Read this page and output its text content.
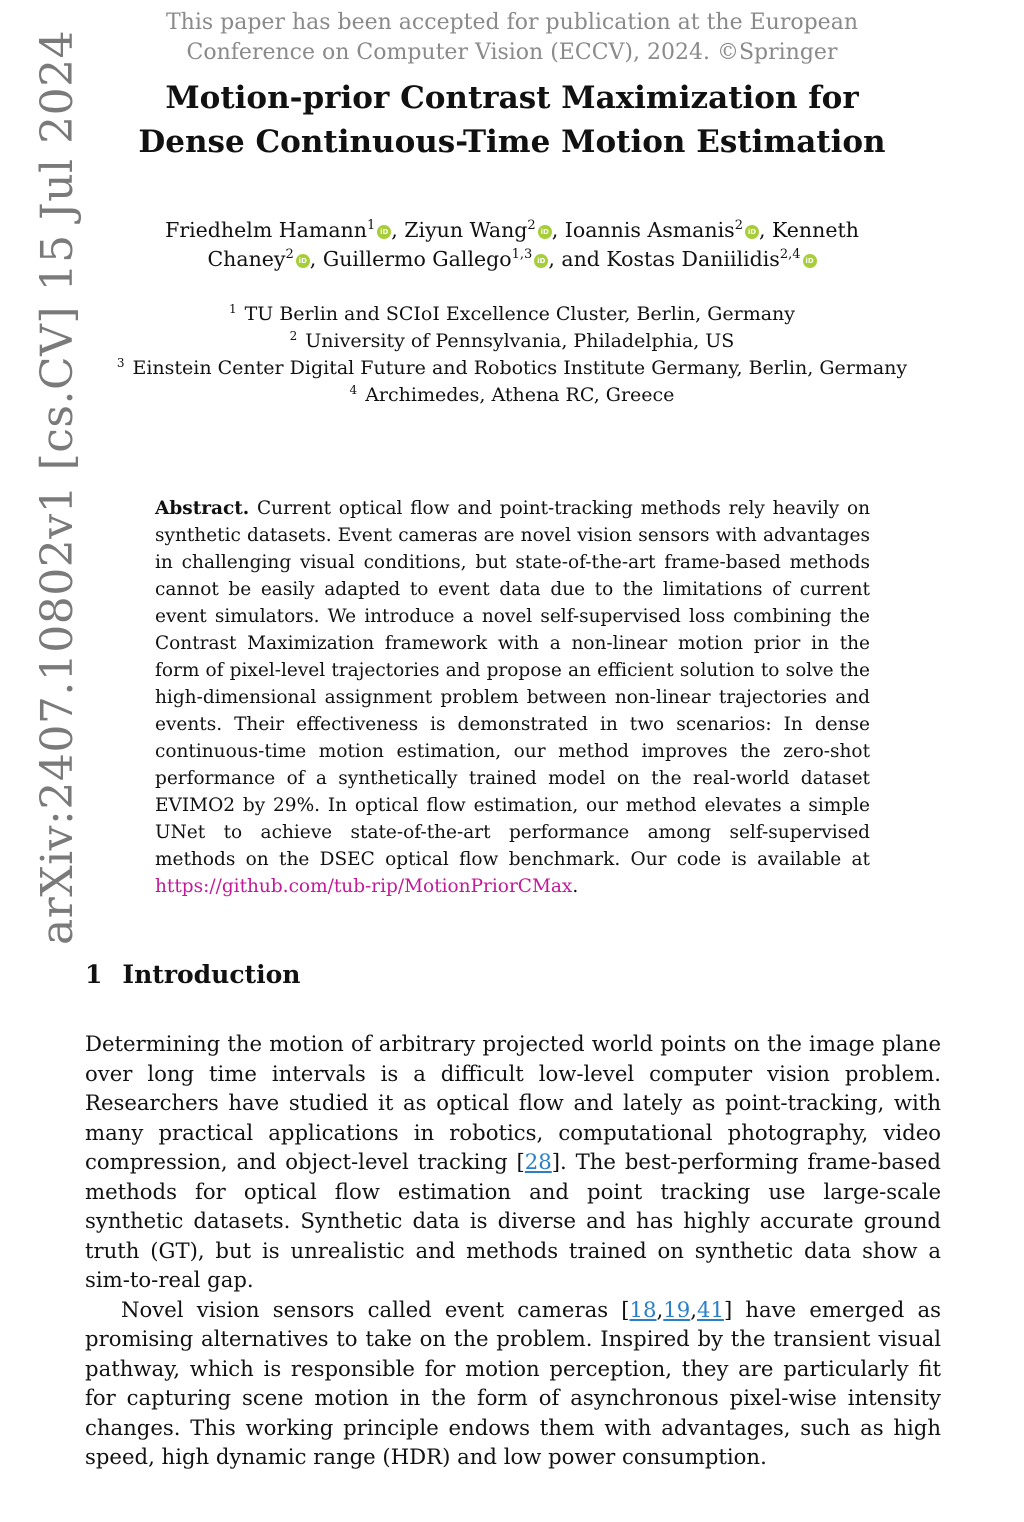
This paper has been accepted for publication at the European
Conference on Computer Vision (ECCV), 2024. ©Springer
arXiv:2407.10802v1 [cs.CV] 15 Jul 2024	Motion-prior Contrast Maximization for
Dense Continuous-Time Motion Estimation
Friedhelm Hamann$^1$ iD , Ziyun Wang$^2$ iD , Ioannis Asmanis$^2$ iD , Kenneth
Chaney$^2$ iD , Guillermo Gallego$^{1,3}$ iD , and Kostas Daniilidis$^{2,4}$ iD
$^1$ TU Berlin and SCIoI Excellence Cluster, Berlin, Germany
$^2$ University of Pennsylvania, Philadelphia, US
$^3$ Einstein Center Digital Future and Robotics Institute Germany, Berlin, Germany
$^4$ Archimedes, Athena RC, Greece

Abstract. Current optical flow and point-tracking methods rely heavily on synthetic datasets. Event cameras are novel vision sensors with advantages in challenging visual conditions, but state-of-the-art frame-based methods cannot be easily adapted to event data due to the limitations of current event simulators. We introduce a novel self-supervised loss combining the Contrast Maximization framework with a non-linear motion prior in the form of pixel-level trajectories and propose an efficient solution to solve the high-dimensional assignment problem between non-linear trajectories and events. Their effectiveness is demonstrated in two scenarios: In dense continuous-time motion estimation, our method improves the zero-shot performance of a synthetically trained model on the real-world dataset EVIMO2 by 29%. In optical flow estimation, our method elevates a simple UNet to achieve state-of-the-art performance among self-supervised methods on the DSEC optical flow benchmark. Our code is available at https://github.com/tub-rip/MotionPriorCMax.

1 Introduction

Determining the motion of arbitrary projected world points on the image plane over long time intervals is a difficult low-level computer vision problem. Researchers have studied it as optical flow and lately as point-tracking, with many practical applications in robotics, computational photography, video compression, and object-level tracking [28]. The best-performing frame-based methods for optical flow estimation and point tracking use large-scale synthetic datasets. Synthetic data is diverse and has highly accurate ground truth (GT), but is unrealistic and methods trained on synthetic data show a sim-to-real gap.

Novel vision sensors called event cameras [18,19,41] have emerged as promising alternatives to take on the problem. Inspired by the transient visual pathway, which is responsible for motion perception, they are particularly fit for capturing scene motion in the form of asynchronous pixel-wise intensity changes. This working principle endows them with advantages, such as high speed, high dynamic range (HDR) and low power consumption.
